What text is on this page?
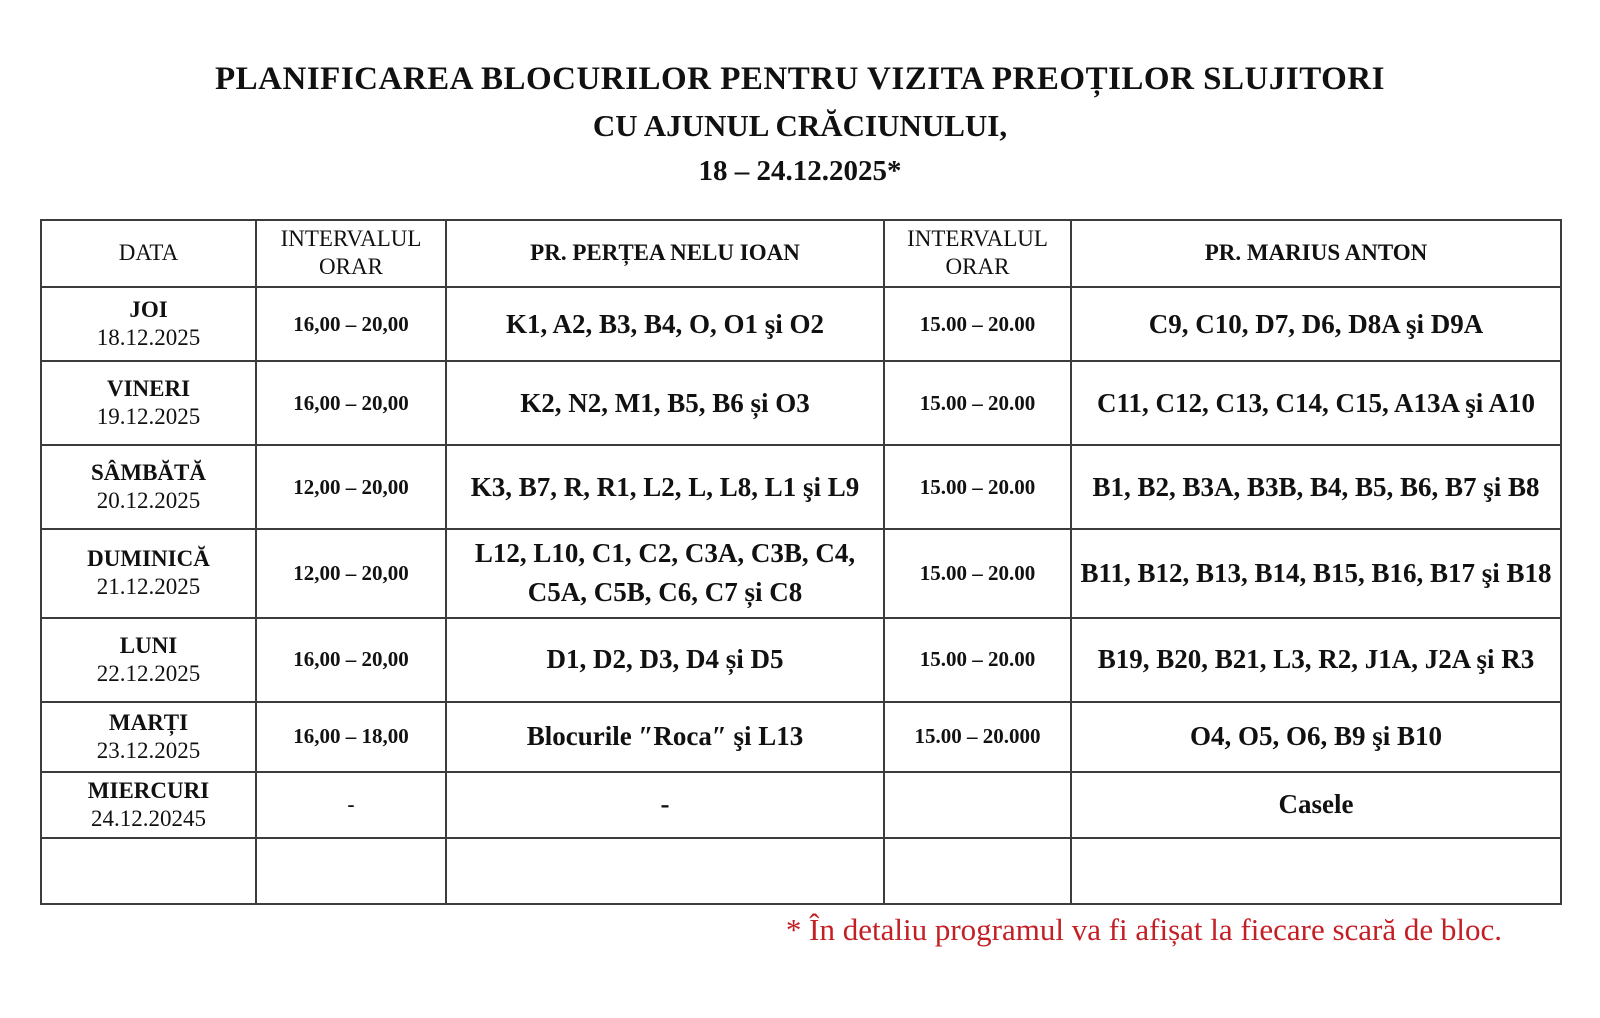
PLANIFICAREA BLOCURILOR PENTRU VIZITA PREOȚILOR SLUJITORI
CU AJUNUL CRĂCIUNULUI,
18 – 24.12.2025*
DATA	INTERVALUL ORAR	PR. PERȚEA NELU IOAN	INTERVALUL ORAR	PR. MARIUS ANTON

JOI
18.12.2025	16,00 – 20,00	K1, A2, B3, B4, O, O1 şi O2	15.00 – 20.00	C9, C10, D7, D6, D8A şi D9A

VINERI
19.12.2025	16,00 – 20,00	K2, N2, M1, B5, B6 și O3	15.00 – 20.00	C11, C12, C13, C14, C15, A13A şi A10

SÂMBĂTĂ
20.12.2025	12,00 – 20,00	K3, B7, R, R1, L2, L, L8, L1 şi L9	15.00 – 20.00	B1, B2, B3A, B3B, B4, B5, B6, B7 şi B8

DUMINICĂ
21.12.2025	12,00 – 20,00	L12, L10, C1, C2, C3A, C3B, C4, C5A, C5B, C6, C7 și C8	15.00 – 20.00	B11, B12, B13, B14, B15, B16, B17 şi B18

LUNI
22.12.2025	16,00 – 20,00	D1, D2, D3, D4 și D5	15.00 – 20.00	B19, B20, B21, L3, R2, J1A, J2A şi R3

MARȚI
23.12.2025	16,00 – 18,00	Blocurile ″Roca″ şi L13	15.00 – 20.000	O4, O5, O6, B9 şi B10

MIERCURI
24.12.20245	-	-		Casele

* În detaliu programul va fi afișat la fiecare scară de bloc.
